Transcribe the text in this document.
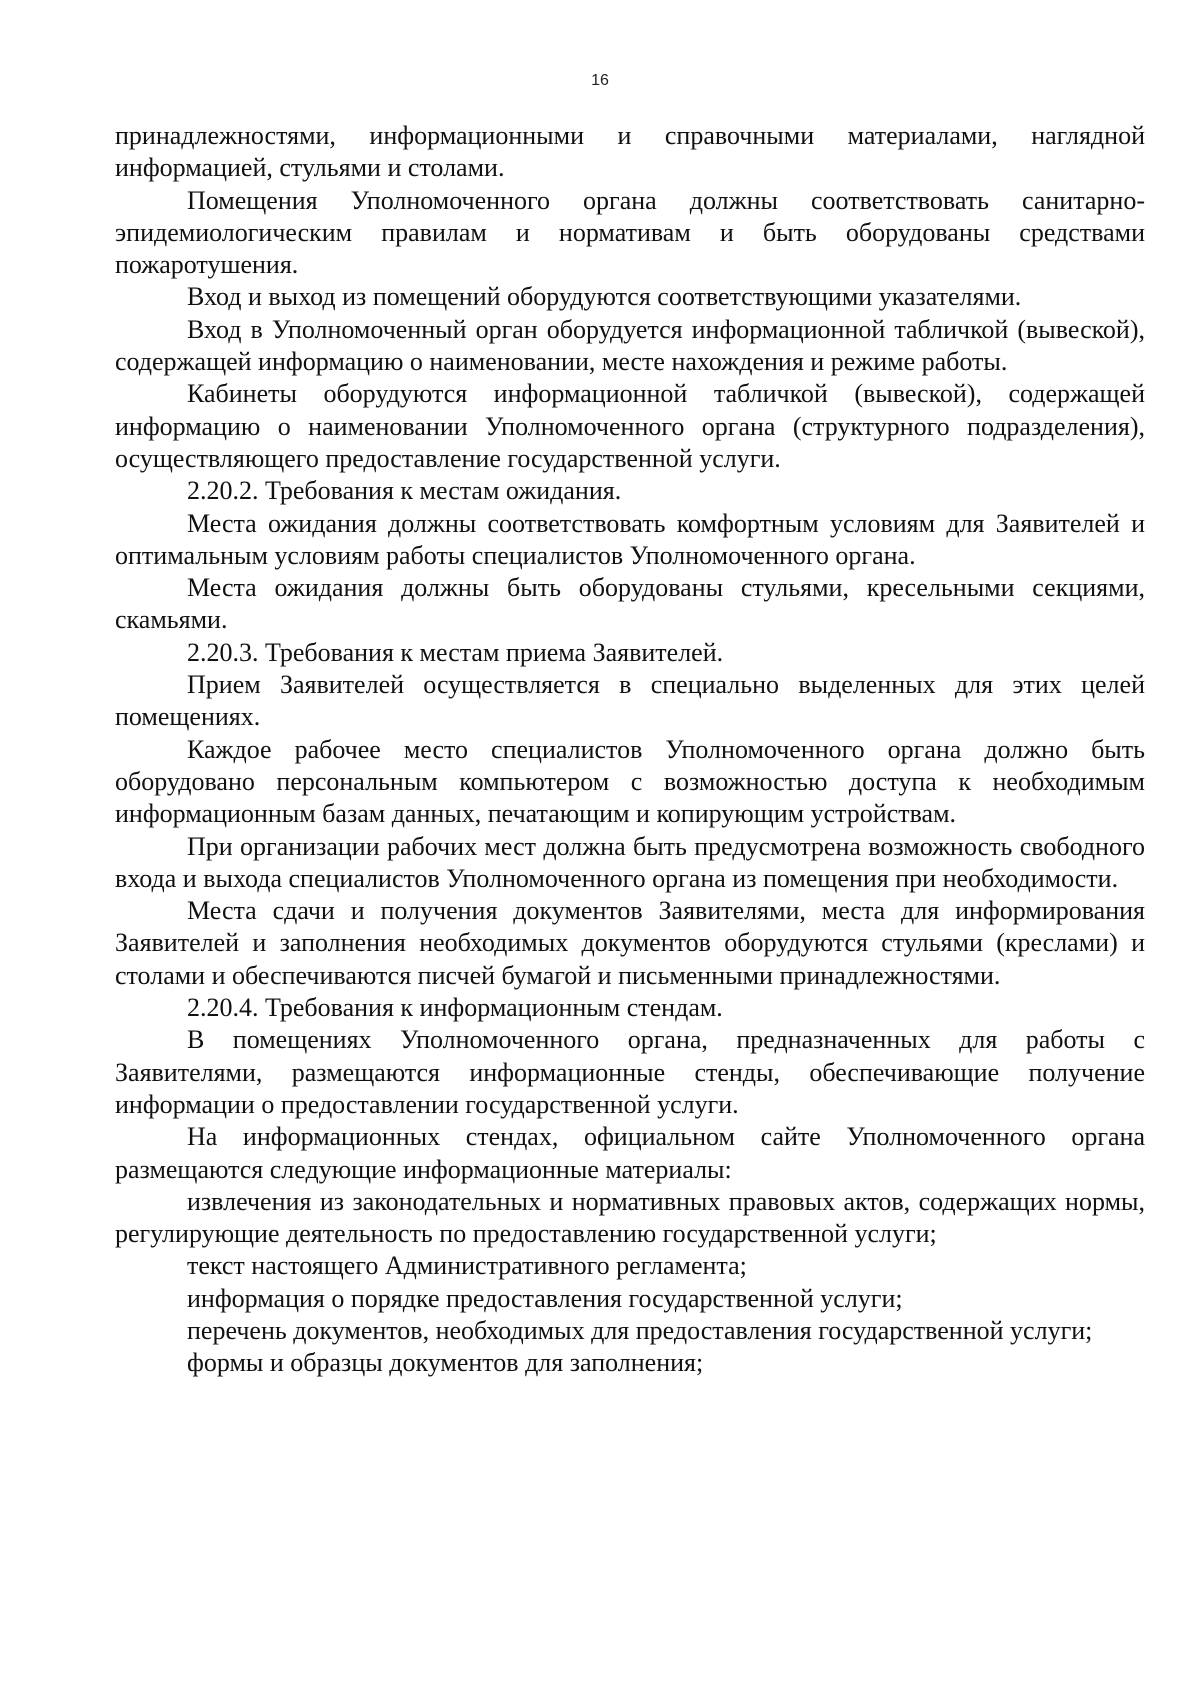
16

принадлежностями, информационными и справочными материалами, наглядной информацией, стульями и столами.

Помещения Уполномоченного органа должны соответствовать санитарно-эпидемиологическим правилам и нормативам и быть оборудованы средствами пожаротушения.

Вход и выход из помещений оборудуются соответствующими указателями.

Вход в Уполномоченный орган оборудуется информационной табличкой (вывеской), содержащей информацию о наименовании, месте нахождения и режиме работы.

Кабинеты оборудуются информационной табличкой (вывеской), содержащей информацию о наименовании Уполномоченного органа (структурного подразделения), осуществляющего предоставление государственной услуги.

2.20.2. Требования к местам ожидания.

Места ожидания должны соответствовать комфортным условиям для Заявителей и оптимальным условиям работы специалистов Уполномоченного органа.

Места ожидания должны быть оборудованы стульями, кресельными секциями, скамьями.

2.20.3. Требования к местам приема Заявителей.

Прием Заявителей осуществляется в специально выделенных для этих целей помещениях.

Каждое рабочее место специалистов Уполномоченного органа должно быть оборудовано персональным компьютером с возможностью доступа к необходимым информационным базам данных, печатающим и копирующим устройствам.

При организации рабочих мест должна быть предусмотрена возможность свободного входа и выхода специалистов Уполномоченного органа из помещения при необходимости.

Места сдачи и получения документов Заявителями, места для информирования Заявителей и заполнения необходимых документов оборудуются стульями (креслами) и столами и обеспечиваются писчей бумагой и письменными принадлежностями.

2.20.4. Требования к информационным стендам.

В помещениях Уполномоченного органа, предназначенных для работы с Заявителями, размещаются информационные стенды, обеспечивающие получение информации о предоставлении государственной услуги.

На информационных стендах, официальном сайте Уполномоченного органа размещаются следующие информационные материалы:

извлечения из законодательных и нормативных правовых актов, содержащих нормы, регулирующие деятельность по предоставлению государственной услуги;

текст настоящего Административного регламента;

информация о порядке предоставления государственной услуги;

перечень документов, необходимых для предоставления государственной услуги;

формы и образцы документов для заполнения;
